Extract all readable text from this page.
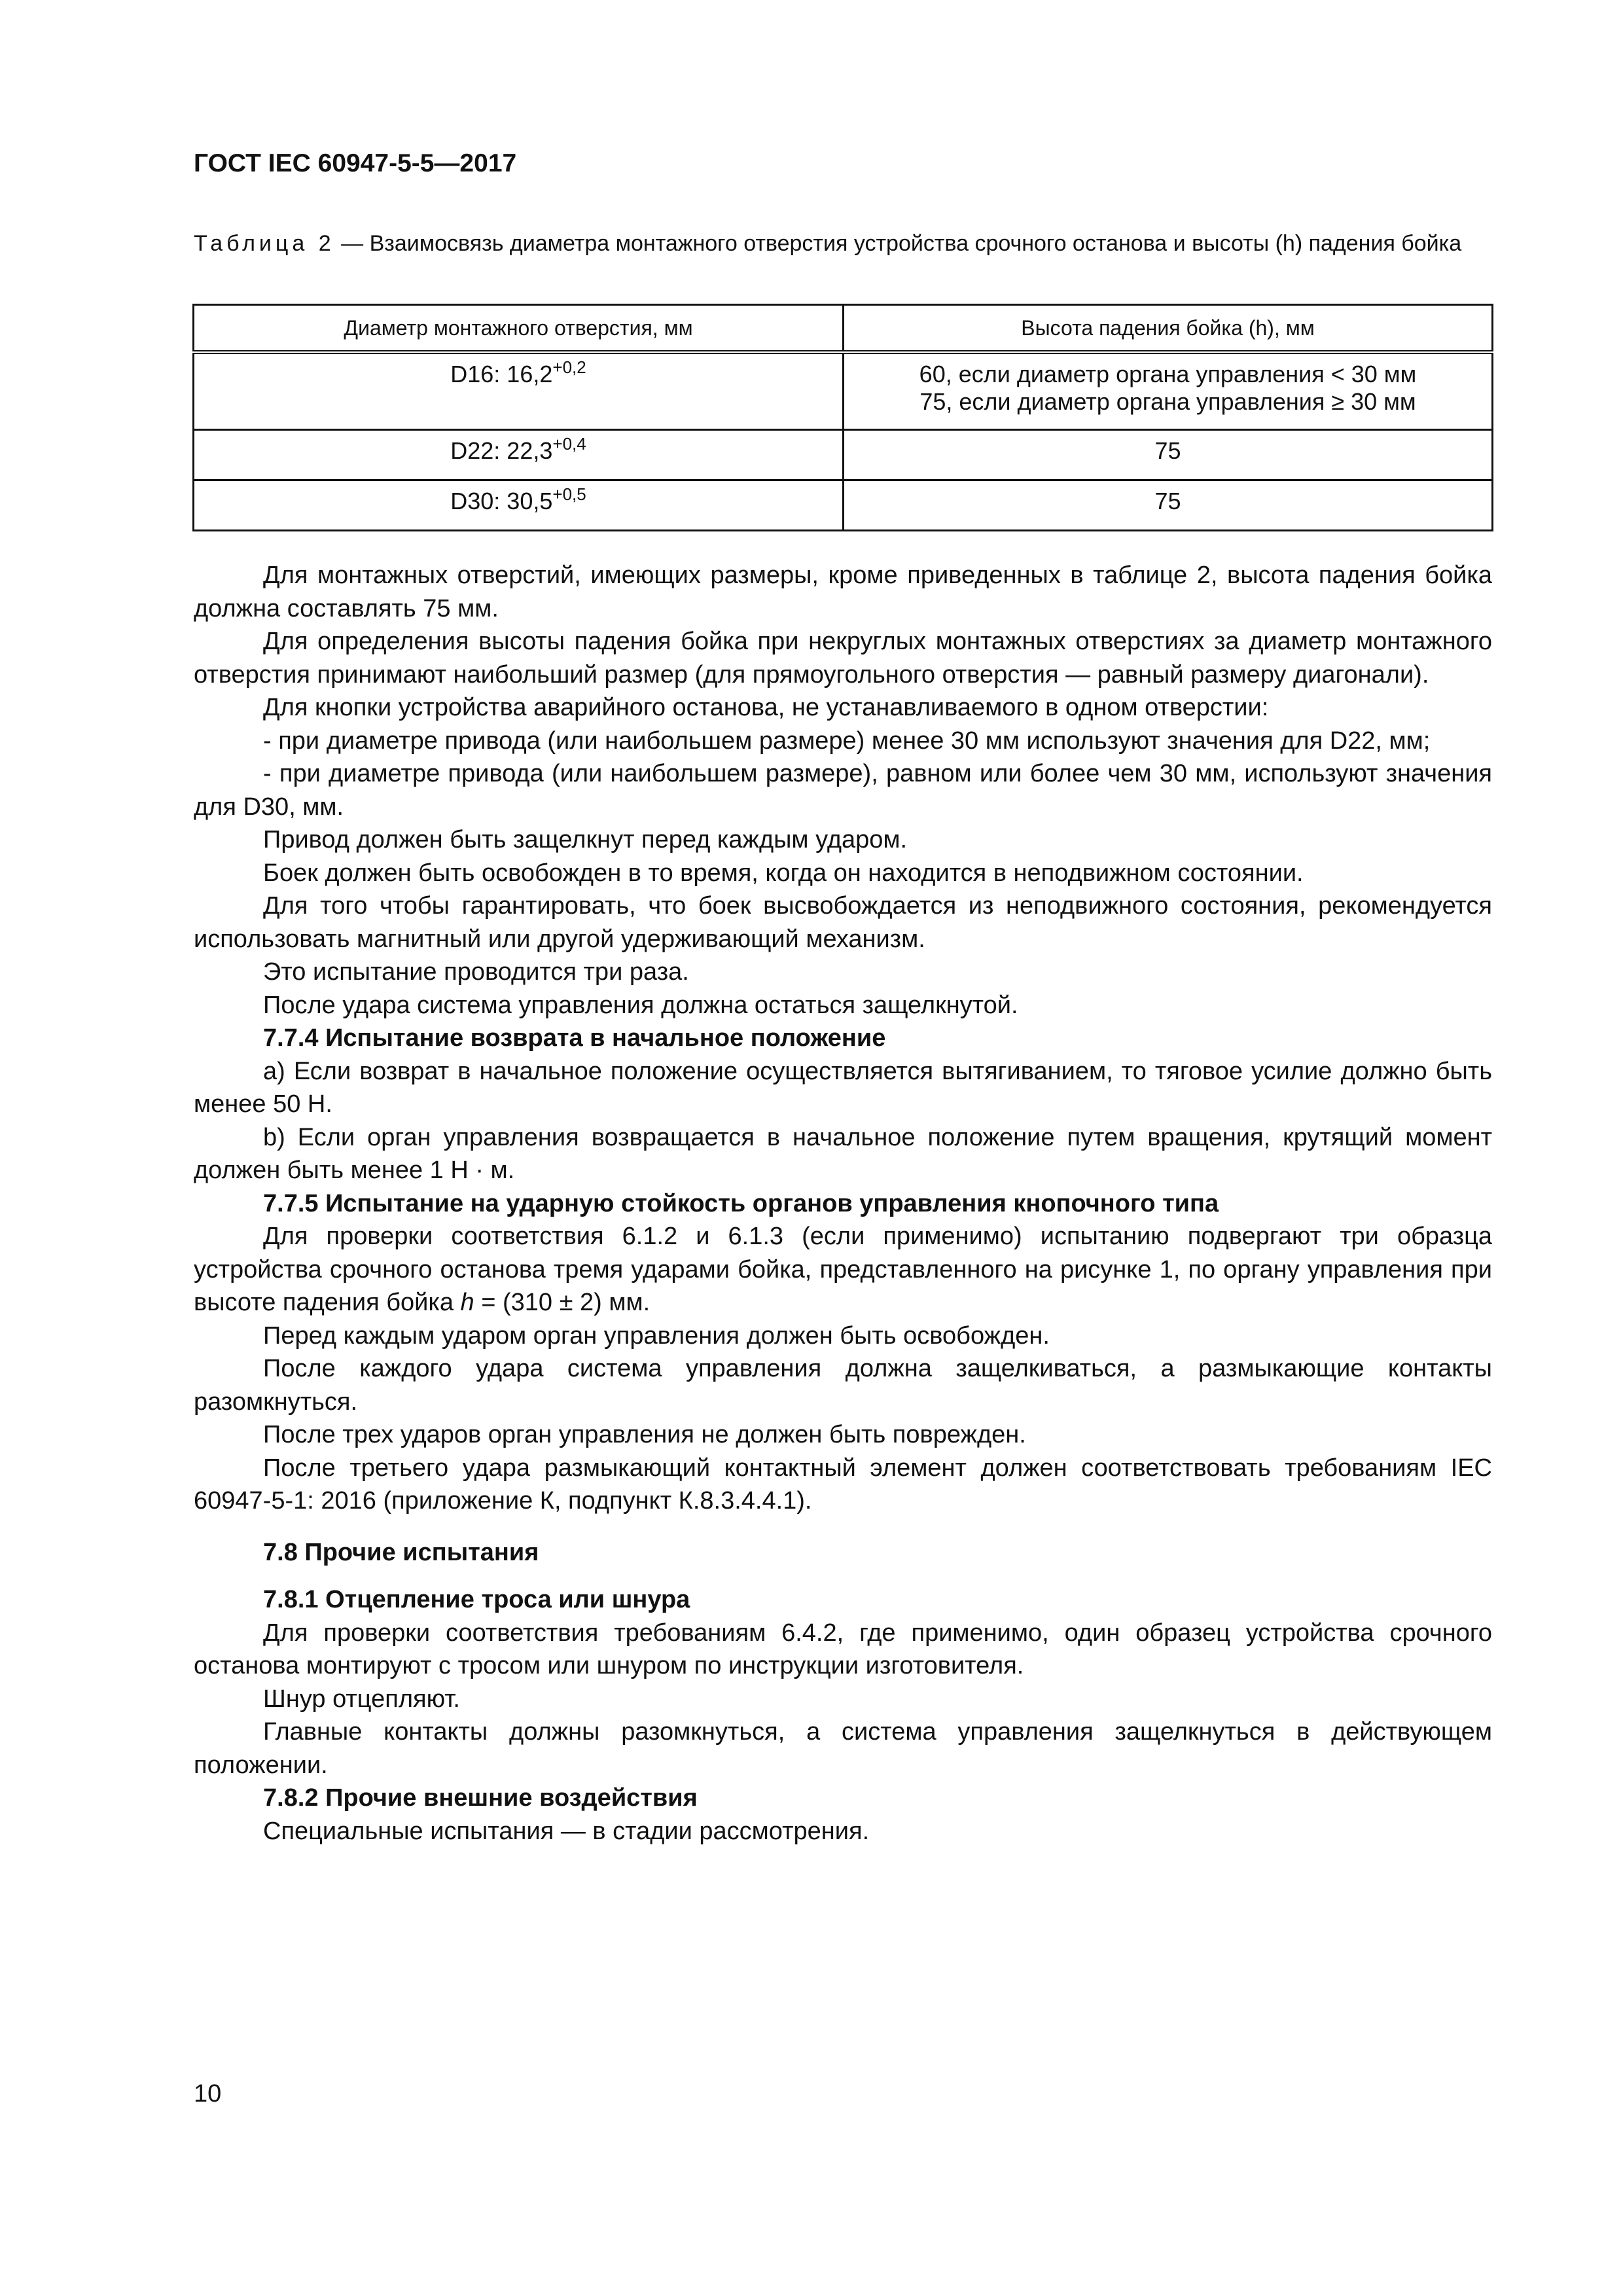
ГОСТ IEC 60947-5-5—2017
Таблица 2 — Взаимосвязь диаметра монтажного отверстия устройства срочного останова и высоты (h) падения бойка
Диаметр монтажного отверстия, мм	Высота падения бойка (h), мм
D16: $16,2^{+0,2}$	60, если диаметр органа управления < 30 мм
75, если диаметр органа управления ≥ 30 мм

D22: $22,3^{+0,4}$	75
D30: $30,5^{+0,5}$	75

Для монтажных отверстий, имеющих размеры, кроме приведенных в таблице 2, высота падения бойка должна составлять 75 мм.

Для определения высоты падения бойка при некруглых монтажных отверстиях за диаметр монтажного отверстия принимают наибольший размер (для прямоугольного отверстия — равный размеру диагонали).

Для кнопки устройства аварийного останова, не устанавливаемого в одном отверстии:

- при диаметре привода (или наибольшем размере) менее 30 мм используют значения для D22, мм;

- при диаметре привода (или наибольшем размере), равном или более чем 30 мм, используют значения для D30, мм.

Привод должен быть защелкнут перед каждым ударом.

Боек должен быть освобожден в то время, когда он находится в неподвижном состоянии.

Для того чтобы гарантировать, что боек высвобождается из неподвижного состояния, рекомендуется использовать магнитный или другой удерживающий механизм.

Это испытание проводится три раза.

После удара система управления должна остаться защелкнутой.

7.7.4 Испытание возврата в начальное положение

a) Если возврат в начальное положение осуществляется вытягиванием, то тяговое усилие должно быть менее 50 Н.

b) Если орган управления возвращается в начальное положение путем вращения, крутящий момент должен быть менее 1 Н · м.

7.7.5 Испытание на ударную стойкость органов управления кнопочного типа

Для проверки соответствия 6.1.2 и 6.1.3 (если применимо) испытанию подвергают три образца устройства срочного останова тремя ударами бойка, представленного на рисунке 1, по органу управления при высоте падения бойка h = (310 ± 2) мм.

Перед каждым ударом орган управления должен быть освобожден.

После каждого удара система управления должна защелкиваться, а размыкающие контакты разомкнуться.

После трех ударов орган управления не должен быть поврежден.

После третьего удара размыкающий контактный элемент должен соответствовать требованиям IEC 60947-5-1: 2016 (приложение К, подпункт К.8.3.4.4.1).

7.8 Прочие испытания

7.8.1 Отцепление троса или шнура

Для проверки соответствия требованиям 6.4.2, где применимо, один образец устройства срочного останова монтируют с тросом или шнуром по инструкции изготовителя.

Шнур отцепляют.

Главные контакты должны разомкнуться, а система управления защелкнуться в действующем положении.

7.8.2 Прочие внешние воздействия

Специальные испытания — в стадии рассмотрения.

10
